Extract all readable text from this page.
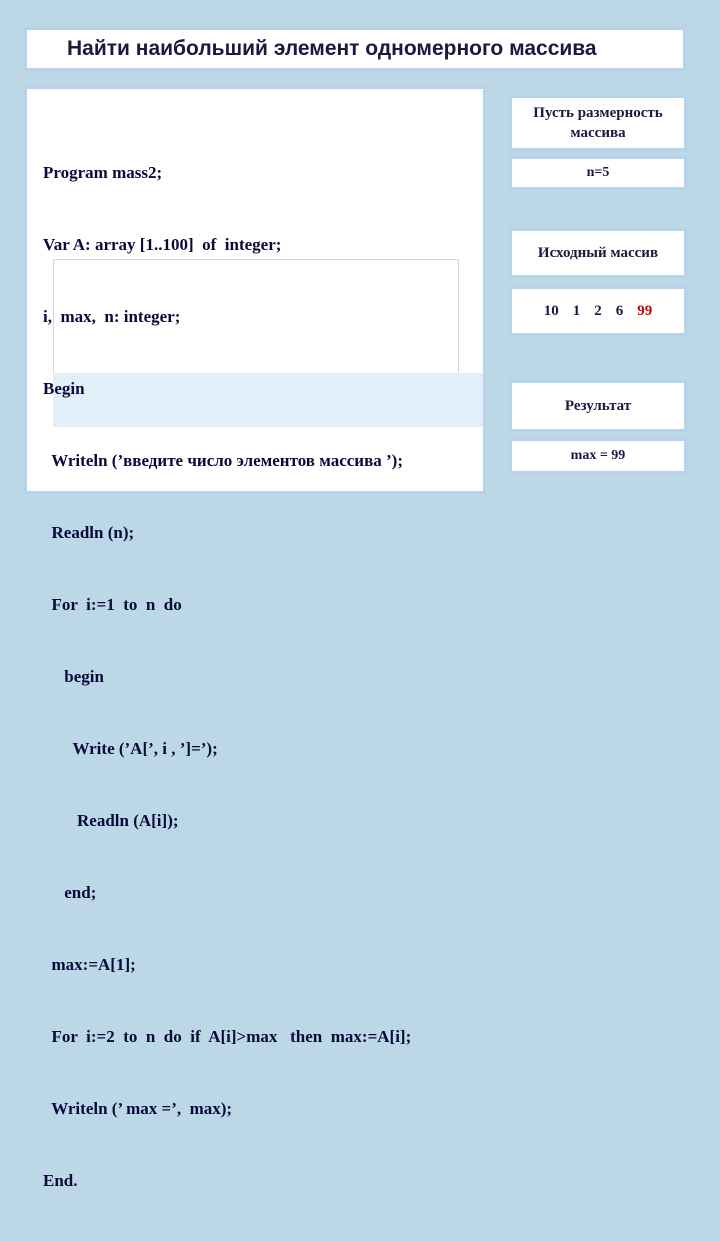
Найти наибольший элемент одномерного массива

Program mass2;

Var A: array [1..100]  of  integer;

i,  max,  n: integer;

Begin

Writeln (’введите число элементов массива ’);

Readln (n);

For  i:=1  to  n  do

begin

Write (’A[’, i , ’]=’);

Readln (A[i]);

end;

max:=A[1];

For  i:=2  to  n  do  if  A[i]>max   then  max:=A[i];

Writeln (’ max =’,  max);

End.

Пусть размерность массива
n=5
Исходный массив
10 1 2 6 99
Результат
max = 99
